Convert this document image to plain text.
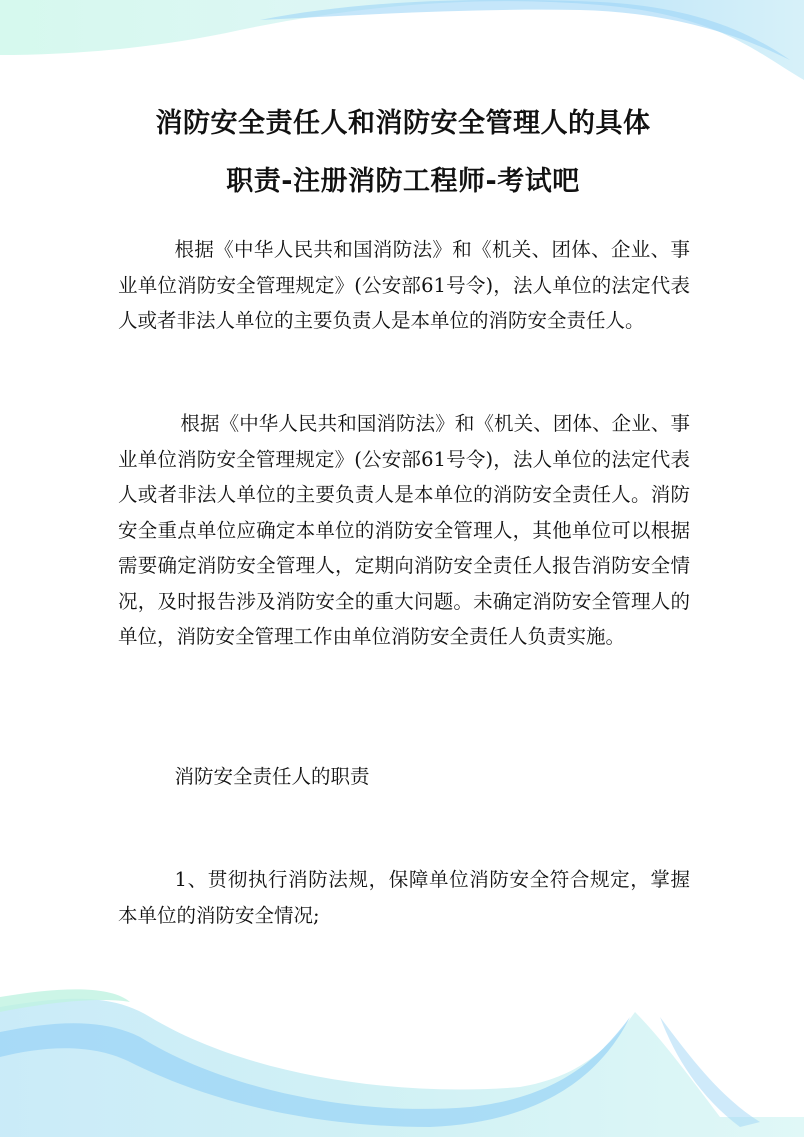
消防安全责任人和消防安全管理人的具体
职责-注册消防工程师-考试吧

根据《中华人民共和国消防法》和《机关、团体、企业、事业单位消防安全管理规定》(公安部61号令)，法人单位的法定代表人或者非法人单位的主要负责人是本单位的消防安全责任人。

根据《中华人民共和国消防法》和《机关、团体、企业、事业单位消防安全管理规定》(公安部61号令)，法人单位的法定代表人或者非法人单位的主要负责人是本单位的消防安全责任人。消防安全重点单位应确定本单位的消防安全管理人，其他单位可以根据需要确定消防安全管理人，定期向消防安全责任人报告消防安全情况，及时报告涉及消防安全的重大问题。未确定消防安全管理人的单位，消防安全管理工作由单位消防安全责任人负责实施。

消防安全责任人的职责

1、贯彻执行消防法规，保障单位消防安全符合规定，掌握本单位的消防安全情况;
